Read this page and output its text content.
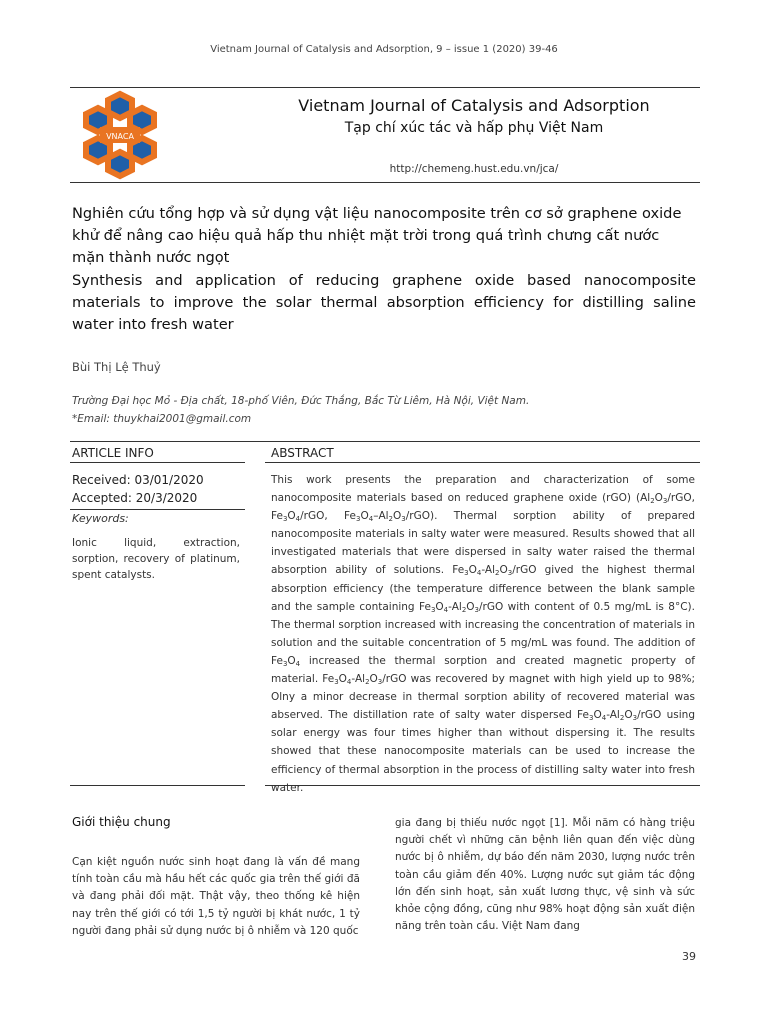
Vietnam Journal of Catalysis and Adsorption, 9 – issue 1 (2020) 39-46
VNACA
Vietnam Journal of Catalysis and Adsorption
Tạp chí xúc tác và hấp phụ Việt Nam
http://chemeng.hust.edu.vn/jca/
Nghiên cứu tổng hợp và sử dụng vật liệu nanocomposite trên cơ sở graphene oxide khử để nâng cao hiệu quả hấp thu nhiệt mặt trời trong quá trình chưng cất nước mặn thành nước ngọt
Synthesis and application of reducing graphene oxide based nanocomposite materials to improve the solar thermal absorption efficiency for distilling saline water into fresh water
Bùi Thị Lệ Thuỷ
Trường Đại học Mỏ - Địa chất, 18-phố Viên, Đức Thắng, Bắc Từ Liêm, Hà Nội, Việt Nam.
*Email: thuykhai2001@gmail.com
ARTICLE INFO	ABSTRACT
Received: 03/01/2020
Accepted: 20/3/2020
Keywords:
Ionic liquid, extraction, sorption, recovery of platinum, spent catalysts.
This work presents the preparation and characterization of some nanocomposite materials based on reduced graphene oxide (rGO) ($Al_2O_3$/rGO, $Fe_3O_4$/rGO, $Fe_3O_4-Al_2O_3/rGO$). Thermal sorption ability of prepared nanocomposite materials in salty water were measured. Results showed that all investigated materials that were dispersed in salty water raised the thermal absorption ability of solutions. $Fe_3O_4-Al_2O_3$/rGO gived the highest thermal absorption efficiency (the temperature difference between the blank sample and the sample containing $Fe_3O_4-Al_2O_3$/rGO with content of 0.5 mg/mL is 8°C). The thermal sorption increased with increasing the concentration of materials in solution and the suitable concentration of 5 mg/mL was found. The addition of $Fe_3O_4$ increased the thermal sorption and created magnetic property of material. $Fe_3O_4-Al_2O_3$/rGO was recovered by magnet with high yield up to 98%; Olny a minor decrease in thermal sorption ability of recovered material was abserved. The distillation rate of salty water dispersed $Fe_3O_4-Al_2O_3$/rGO using solar energy was four times higher than without dispersing it. The results showed that these nanocomposite materials can be used to increase the efficiency of thermal absorption in the process of distilling salty water into fresh water.
Giới thiệu chung
Cạn kiệt nguồn nước sinh hoạt đang là vấn đề mang tính toàn cầu mà hầu hết các quốc gia trên thế giới đã và đang phải đối mặt. Thật vậy, theo thống kê hiện nay trên thế giới có tới 1,5 tỷ người bị khát nước, 1 tỷ người đang phải sử dụng nước bị ô nhiễm và 120 quốc
gia đang bị thiếu nước ngọt [1]. Mỗi năm có hàng triệu người chết vì những căn bệnh liên quan đến việc dùng nước bị ô nhiễm, dự báo đến năm 2030, lượng nước trên toàn cầu giảm đến 40%. Lượng nước sụt giảm tác động lớn đến sinh hoạt, sản xuất lương thực, vệ sinh và sức khỏe cộng đồng, cũng như 98% hoạt động sản xuất điện năng trên toàn cầu. Việt Nam đang
39
